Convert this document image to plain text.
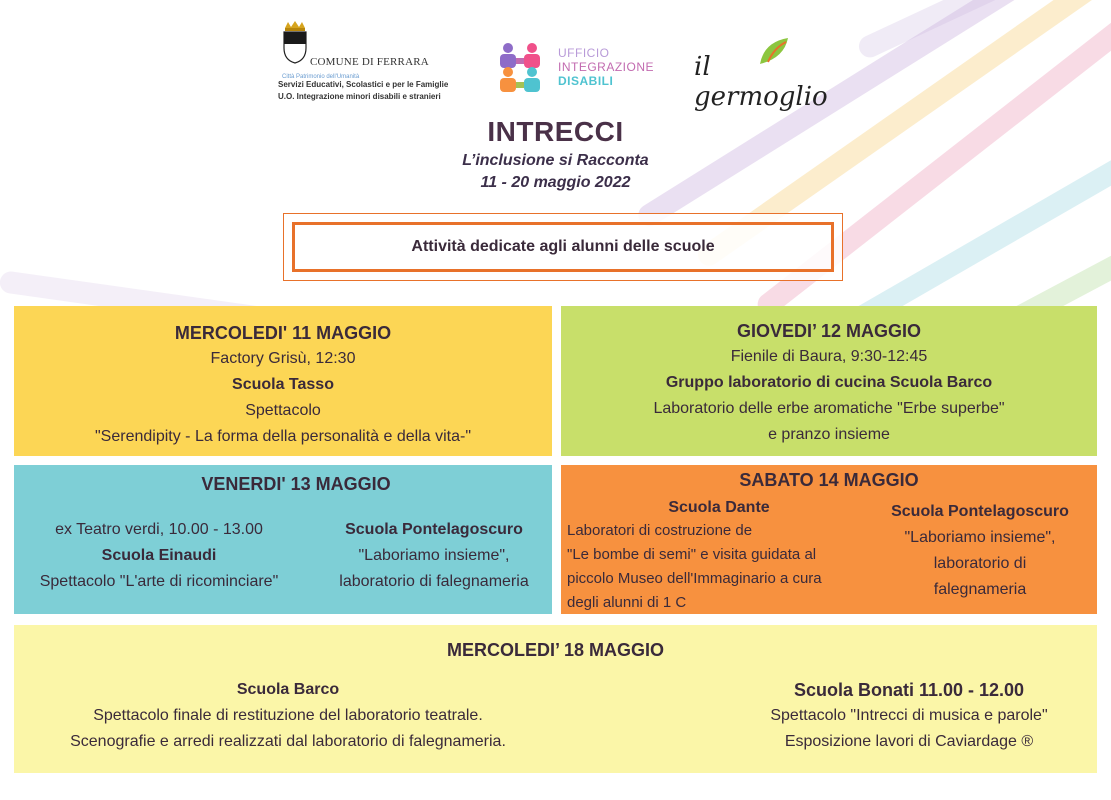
COMUNE DI FERRARA
Città Patrimonio dell'Umanità
Servizi Educativi, Scolastici e per le Famiglie
U.O. Integrazione minori disabili e stranieri
UFFICIO
INTEGRAZIONE
DISABILI	il germoglio
INTRECCI
L’inclusione si Racconta
11 - 20 maggio 2022
Attività dedicate agli alunni delle scuole
MERCOLEDI' 11 MAGGIO
Factory Grisù, 12:30
Scuola Tasso
Spettacolo
"Serendipity - La forma della personalità e della vita-"
GIOVEDI’ 12 MAGGIO
Fienile di Baura, 9:30-12:45
Gruppo laboratorio di cucina Scuola Barco
Laboratorio delle erbe aromatiche "Erbe superbe"
e pranzo insieme
VENERDI' 13 MAGGIO
ex Teatro verdi, 10.00 - 13.00
Scuola Einaudi
Spettacolo "L'arte di ricominciare"
Scuola Pontelagoscuro
"Laboriamo insieme",
laboratorio di falegnameria
SABATO 14 MAGGIO
Scuola Dante
Laboratori di costruzione de
"Le bombe di semi" e visita guidata al
piccolo Museo dell'Immaginario a cura
degli alunni di 1 C
Scuola Pontelagoscuro
"Laboriamo insieme",
laboratorio di
falegnameria
MERCOLEDI’ 18 MAGGIO
Scuola Barco
Spettacolo finale di restituzione del laboratorio teatrale.
Scenografie e arredi realizzati dal laboratorio di falegnameria.
Scuola Bonati 11.00 - 12.00
Spettacolo "Intrecci di musica e parole"
Esposizione lavori di Caviardage ®
